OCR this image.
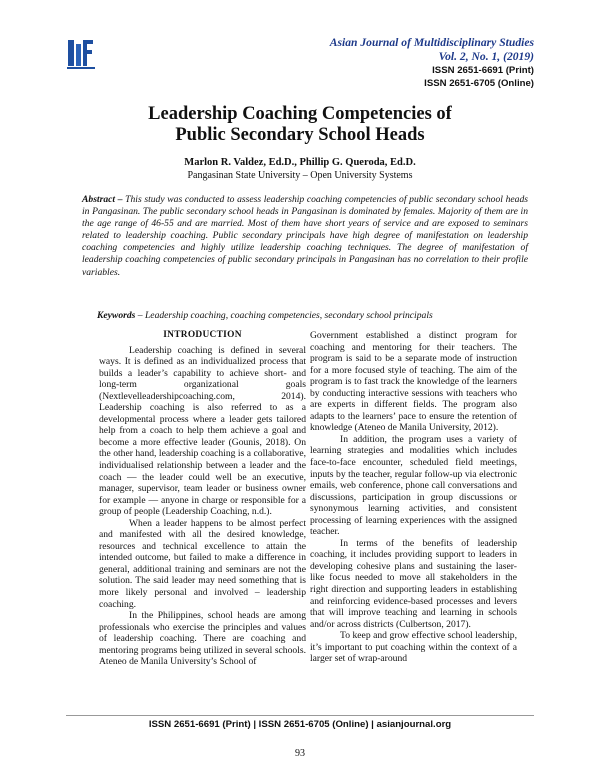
Asian Journal of Multidisciplinary Studies
Vol. 2, No. 1, (2019)
ISSN 2651-6691 (Print)
ISSN 2651-6705 (Online)
Leadership Coaching Competencies of
Public Secondary School Heads
Marlon R. Valdez, Ed.D., Phillip G. Queroda, Ed.D.
Pangasinan State University – Open University Systems
Abstract – This study was conducted to assess leadership coaching competencies of public secondary school heads in Pangasinan. The public secondary school heads in Pangasinan is dominated by females. Majority of them are in the age range of 46-55 and are married. Most of them have short years of service and are exposed to seminars related to leadership coaching. Public secondary principals have high degree of manifestation on leadership coaching competencies and highly utilize leadership coaching techniques. The degree of manifestation of leadership coaching competencies of public secondary principals in Pangasinan has no correlation to their profile variables.
Keywords – Leadership coaching, coaching competencies, secondary school principals
INTRODUCTION

Leadership coaching is defined in several ways. It is defined as an individualized process that builds a leader’s capability to achieve short- and long-term organizational goals (Nextlevelleadershipcoaching.com, 2014). Leadership coaching is also referred to as a developmental process where a leader gets tailored help from a coach to help them achieve a goal and become a more effective leader (Gounis, 2018). On the other hand, leadership coaching is a collaborative, individualised relationship between a leader and the coach — the leader could well be an executive, manager, supervisor, team leader or business owner for example — anyone in charge or responsible for a group of people (Leadership Coaching, n.d.).

When a leader happens to be almost perfect and manifested with all the desired knowledge, resources and technical excellence to attain the intended outcome, but failed to make a difference in general, additional training and seminars are not the solution. The said leader may need something that is more likely personal and involved – leadership coaching.

In the Philippines, school heads are among professionals who exercise the principles and values of leadership coaching. There are coaching and mentoring programs being utilized in several schools. Ateneo de Manila University’s School of

Government established a distinct program for coaching and mentoring for their teachers. The program is said to be a separate mode of instruction for a more focused style of teaching. The aim of the program is to fast track the knowledge of the learners by conducting interactive sessions with teachers who are experts in different fields. The program also adapts to the learners’ pace to ensure the retention of knowledge (Ateneo de Manila University, 2012).

In addition, the program uses a variety of learning strategies and modalities which includes face-to-face encounter, scheduled field meetings, inputs by the teacher, regular follow-up via electronic emails, web conference, phone call conversations and discussions, participation in group discussions or synonymous learning activities, and consistent processing of learning experiences with the assigned teacher.

In terms of the benefits of leadership coaching, it includes providing support to leaders in developing cohesive plans and sustaining the laser-like focus needed to move all stakeholders in the right direction and supporting leaders in establishing and reinforcing evidence-based processes and levers that will improve teaching and learning in schools and/or across districts (Culbertson, 2017).

To keep and grow effective school leadership, it’s important to put coaching within the context of a larger set of wrap-around

ISSN 2651-6691 (Print) | ISSN 2651-6705 (Online) | asianjournal.org
93
